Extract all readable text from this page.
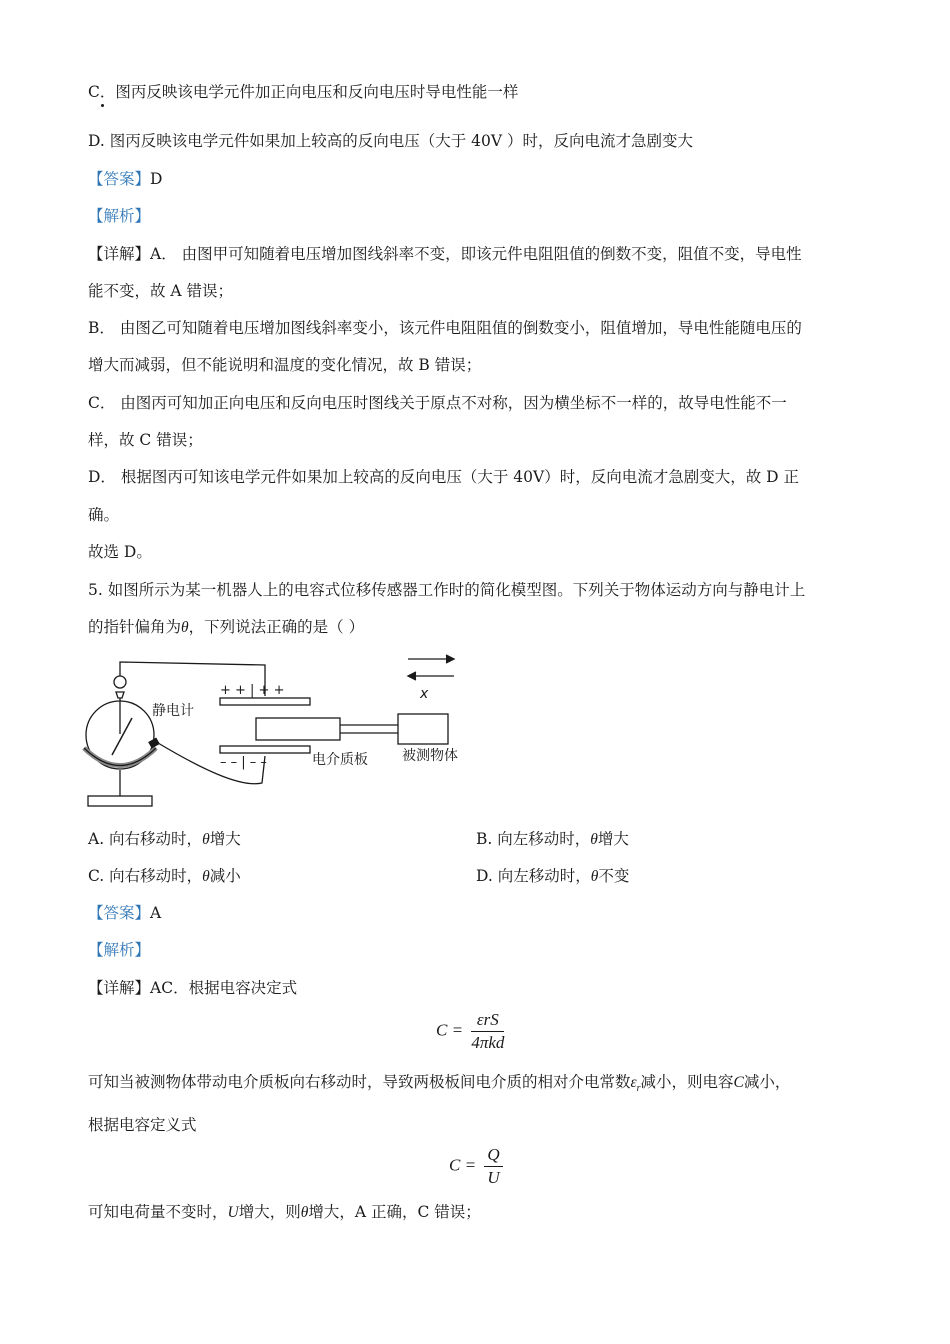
C．图丙反映该电学元件加正向电压和反向电压时导电性能一样
D. 图丙反映该电学元件如果加上较高的反向电压（大于 40V ）时，反向电流才急剧变大
【答案】D
【解析】
【详解】A． 由图甲可知随着电压增加图线斜率不变，即该元件电阻阻值的倒数不变，阻值不变，导电性
能不变，故 A 错误；
B． 由图乙可知随着电压增加图线斜率变小，该元件电阻阻值的倒数变小，阻值增加，导电性能随电压的
增大而减弱，但不能说明和温度的变化情况，故 B 错误；
C． 由图丙可知加正向电压和反向电压时图线关于原点不对称，因为横坐标不一样的，故导电性能不一
样，故 C 错误；
D． 根据图丙可知该电学元件如果加上较高的反向电压（大于 40V）时，反向电流才急剧变大，故 D 正
确。
故选 D。
5. 如图所示为某一机器人上的电容式位移传感器工作时的简化模型图。下列关于物体运动方向与静电计上
的指针偏角为θ，下列说法正确的是（ ）
+ + | + +
– – | – –
静电计
电介质板 被测物体
x
A. 向右移动时，θ增大	B. 向左移动时，θ增大
C. 向右移动时，θ减小	D. 向左移动时，θ不变
【答案】A
【解析】
【详解】AC．根据电容决定式
$C = \frac{\text{εrS}}{\text{4πkd}}$
可知当被测物体带动电介质板向右移动时，导致两极板间电介质的相对介电常数$\varepsilon_r$减小，则电容C减小，
根据电容定义式
$C = \frac{Q}{U}$
可知电荷量不变时，U增大，则θ增大，A 正确，C 错误；
